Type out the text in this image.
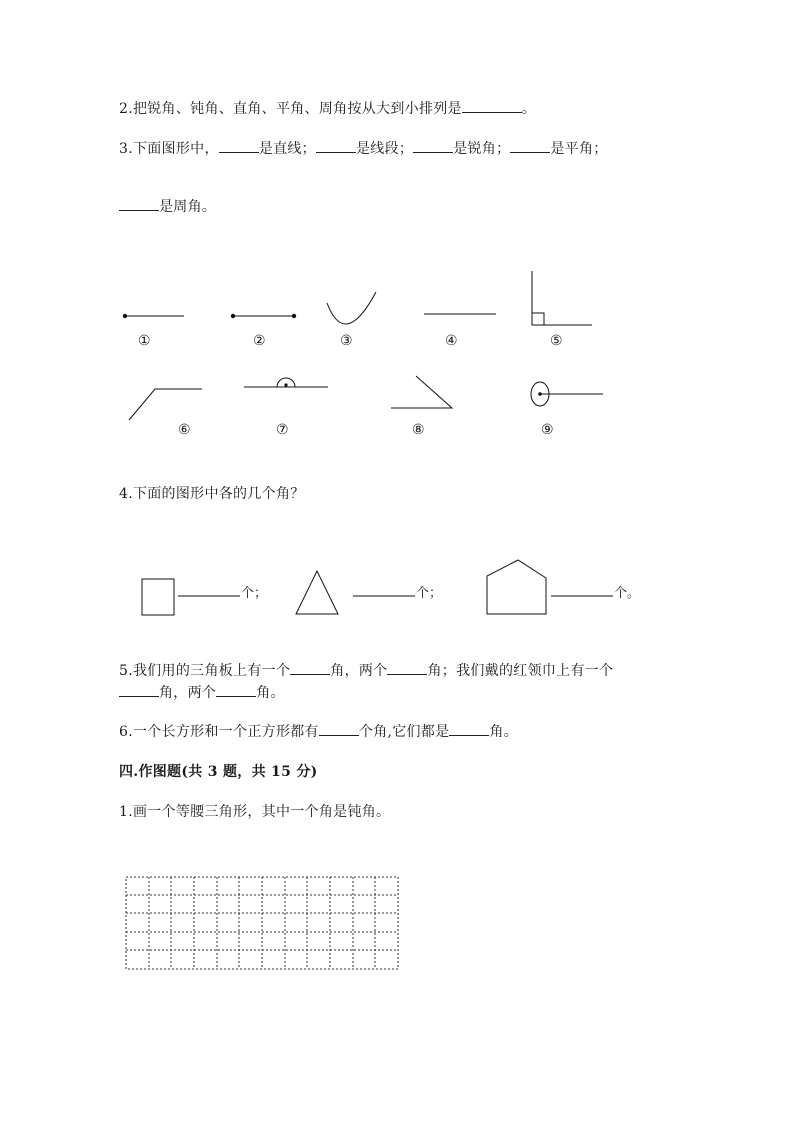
2.把锐角、钝角、直角、平角、周角按从大到小排列是	。
3.下面图形中，	是直线；	是线段；	是锐角；	是平角；
是周角。
①	②	③	④	⑤
⑥	⑦	⑧	⑨
4.下面的图形中各的几个角？
个；	个；	个。
5.我们用的三角板上有一个	角，两个	角；我们戴的红领巾上有一个
角，两个	角。
6.一个长方形和一个正方形都有	个角,它们都是	角。
四.作图题(共 3 题，共 15 分)
1.画一个等腰三角形，其中一个角是钝角。
